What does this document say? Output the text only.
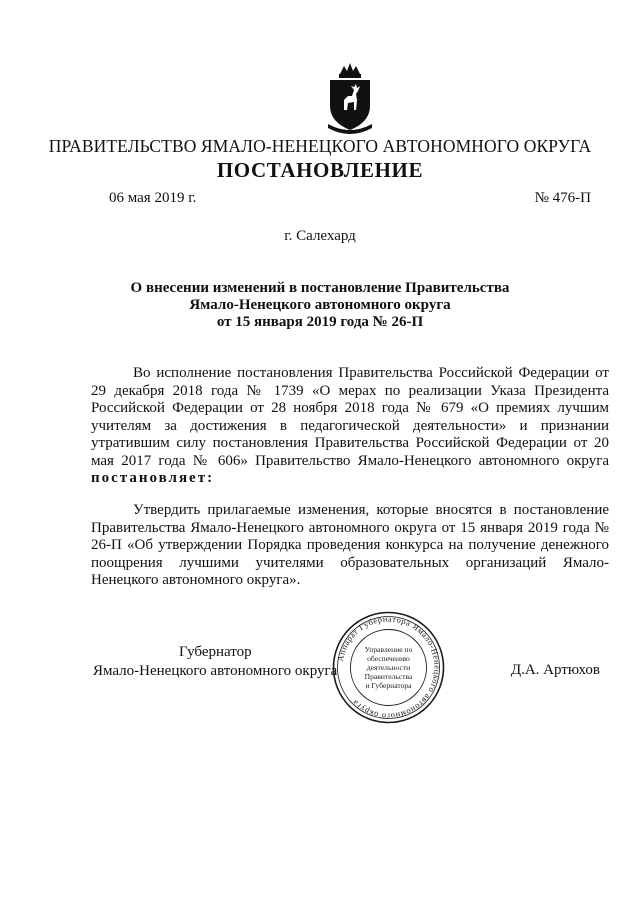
ПРАВИТЕЛЬСТВО ЯМАЛО-НЕНЕЦКОГО АВТОНОМНОГО ОКРУГА
ПОСТАНОВЛЕНИЕ
06 мая 2019 г.	№ 476-П
г. Салехард
О внесении изменений в постановление Правительства
Ямало-Ненецкого автономного округа
от 15 января 2019 года № 26-П
Во исполнение постановления Правительства Российской Федерации от 29 декабря 2018 года № 1739 «О мерах по реализации Указа Президента Российской Федерации от 28 ноября 2018 года № 679 «О премиях лучшим учителям за достижения в педагогической деятельности» и признании утратившим силу постановления Правительства Российской Федерации от 20 мая 2017 года № 606» Правительство Ямало-Ненецкого автономного округа постановляет:
Утвердить прилагаемые изменения, которые вносятся в постановление Правительства Ямало-Ненецкого автономного округа от 15 января 2019 года № 26-П «Об утверждении Порядка проведения конкурса на получение денежного поощрения лучшими учителями образовательных организаций Ямало-Ненецкого автономного округа».
Губернатор
Ямало-Ненецкого автономного округа	Д.А. Артюхов
Аппарат Губернатора Ямало-Ненецкого автономного округа
Управление по
обеспечению
деятельности
Правительства
и Губернатора
